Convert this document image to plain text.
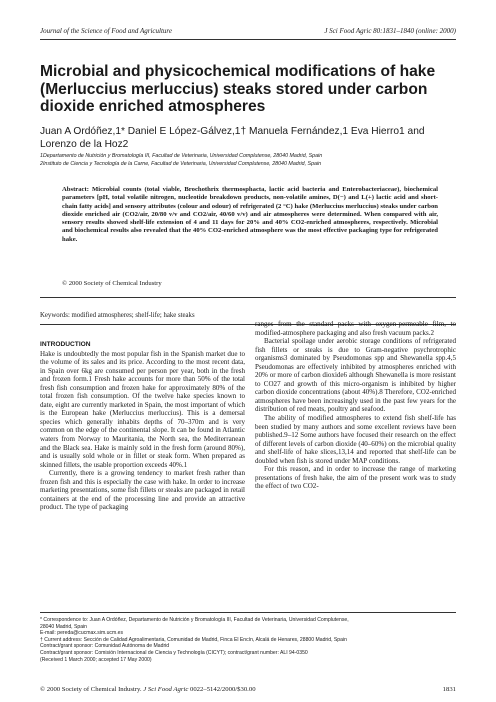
Journal of the Science of Food and Agriculture	J Sci Food Agric 80:1831–1840 (online: 2000)
Microbial and physicochemical modifications of hake (Merluccius merluccius) steaks stored under carbon dioxide enriched atmospheres

Juan A Ordóñez,1* Daniel E López-Gálvez,1† Manuela Fernández,1 Eva Hierro1 and Lorenzo de la Hoz2

1Departamento de Nutrición y Bromatología III, Facultad de Veterinaria, Universidad Complutense, 28040 Madrid, Spain

2Instituto de Ciencia y Tecnología de la Carne, Facultad de Veterinaria, Universidad Complutense, 28040 Madrid, Spain

Abstract: Microbial counts (total viable, Brochothrix thermosphacta, lactic acid bacteria and Enterobacteriaceae), biochemical parameters [pH, total volatile nitrogen, nucleotide breakdown products, non-volatile amines, D(−) and L(+) lactic acid and short-chain fatty acids] and sensory attributes (colour and odour) of refrigerated (2 °C) hake (Merluccius merluccius) steaks under carbon dioxide enriched air (CO2/air, 20/80 v/v and CO2/air, 40/60 v/v) and air atmospheres were determined. When compared with air, sensory results showed shelf-life extension of 4 and 11 days for 20% and 40% CO2-enriched atmospheres, respectively. Microbial and biochemical results also revealed that the 40% CO2-enriched atmosphere was the most effective packaging type for refrigerated hake.

© 2000 Society of Chemical Industry

Keywords: modified atmospheres; shelf-life; hake steaks

INTRODUCTION

Hake is undoubtedly the most popular fish in the Spanish market due to the volume of its sales and its price. According to the most recent data, in Spain over 6kg are consumed per person per year, both in the fresh and frozen form.1 Fresh hake accounts for more than 50% of the total fresh fish consumption and frozen hake for approximately 80% of the total frozen fish consumption. Of the twelve hake species known to date, eight are currently marketed in Spain, the most important of which is the European hake (Merluccius merluccius). This is a demersal species which generally inhabits depths of 70–370m and is very common on the edge of the continental slope. It can be found in Atlantic waters from Norway to Mauritania, the North sea, the Mediterranean and the Black sea. Hake is mainly sold in the fresh form (around 80%), and is usually sold whole or in fillet or steak form. When prepared as skinned fillets, the usable proportion exceeds 40%.1

Currently, there is a growing tendency to market fresh rather than frozen fish and this is especially the case with hake. In order to increase marketing presentations, some fish fillets or steaks are packaged in retail containers at the end of the processing line and provide an attractive product. The type of packaging

ranges from the standard packs with oxygen-permeable film, to modified-atmosphere packaging and also fresh vacuum packs.2

Bacterial spoilage under aerobic storage conditions of refrigerated fish fillets or steaks is due to Gram-negative psychrotrophic organisms3 dominated by Pseudomonas spp and Shewanella spp.4,5 Pseudomonas are effectively inhibited by atmospheres enriched with 20% or more of carbon dioxide6 although Shewanella is more resistant to CO27 and growth of this micro-organism is inhibited by higher carbon dioxide concentrations (about 40%).8 Therefore, CO2-enriched atmospheres have been increasingly used in the past few years for the distribution of red meats, poultry and seafood.

The ability of modified atmospheres to extend fish shelf-life has been studied by many authors and some excellent reviews have been published.9–12 Some authors have focused their research on the effect of different levels of carbon dioxide (40–60%) on the microbial quality and shelf-life of hake slices,13,14 and reported that shelf-life can be doubled when fish is stored under MAP conditions.

For this reason, and in order to increase the range of marketing presentations of fresh hake, the aim of the present work was to study the effect of two CO2-

* Correspondence to: Juan A Ordóñez, Departamento de Nutrición y Bromatología III, Facultad de Veterinaria, Universidad Complutense,
28040 Madrid, Spain
E-mail: pereda@cucmax.sim.ucm.es
† Current address: Sección de Calidad Agroalimentaria, Comunidad de Madrid, Finca El Encín, Alcalá de Henares, 28800 Madrid, Spain
Contract/grant sponsor: Comunidad Autónoma de Madrid
Contract/grant sponsor: Comisión Internacional de Ciencia y Technología (CICYT); contract/grant number: ALI 94-0350
(Received 1 March 2000; accepted 17 May 2000)
© 2000 Society of Chemical Industry. J Sci Food Agric 0022–5142/2000/$30.00	1831
